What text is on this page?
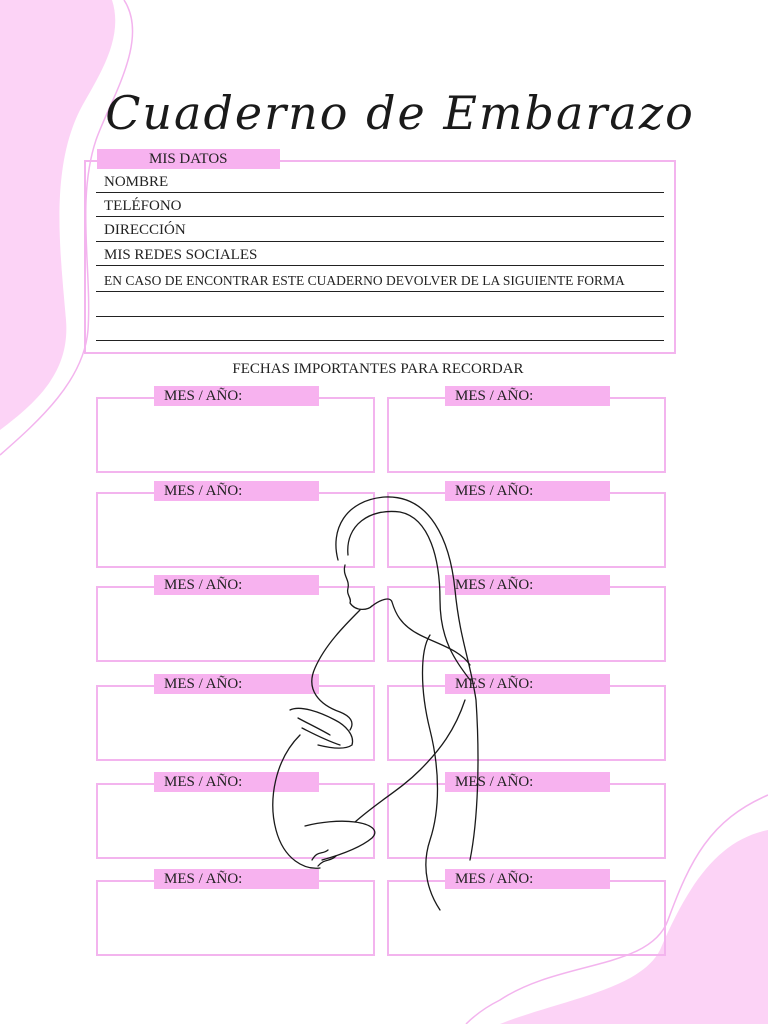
Cuaderno de Embarazo
MIS DATOS
NOMBRE
TELÉFONO
DIRECCIÓN
MIS REDES SOCIALES
EN CASO DE ENCONTRAR ESTE CUADERNO DEVOLVER DE LA SIGUIENTE FORMA
FECHAS IMPORTANTES PARA RECORDAR
MES / AÑO:	MES / AÑO:
MES / AÑO:	MES / AÑO:
MES / AÑO:	MES / AÑO:
MES / AÑO:	MES / AÑO:
MES / AÑO:	MES / AÑO:
MES / AÑO:	MES / AÑO:
